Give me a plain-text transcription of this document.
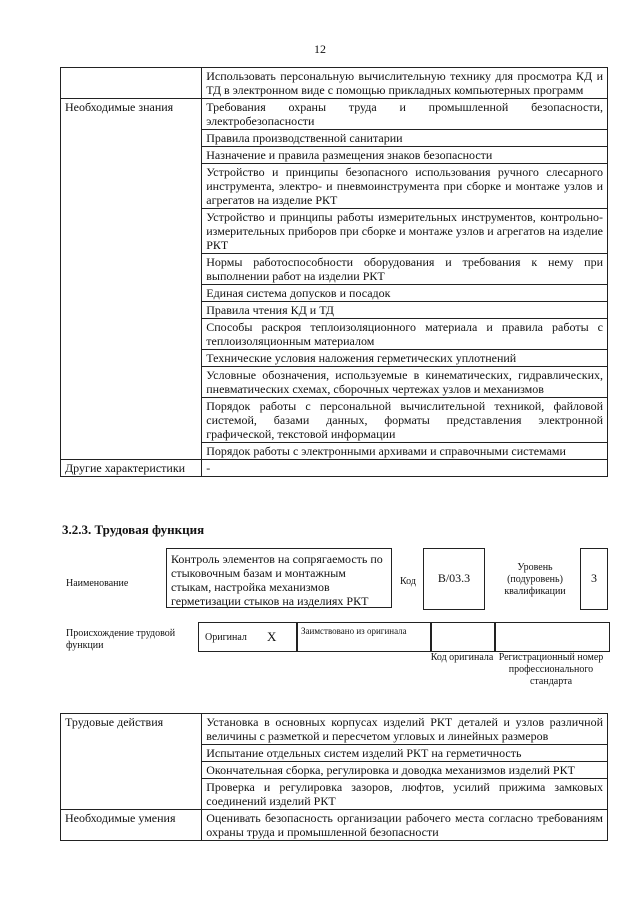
12
	Использовать персональную вычислительную технику для просмотра КД и ТД в электронном виде с помощью прикладных компьютерных программ
Необходимые знания	Требования охраны труда и промышленной безопасности, электробезопасности
	Правила производственной санитарии
	Назначение и правила размещения знаков безопасности
	Устройство и принципы безопасного использования ручного слесарного инструмента, электро- и пневмоинструмента при сборке и монтаже узлов и агрегатов на изделие РКТ
	Устройство и принципы работы измерительных инструментов, контрольно-измерительных приборов при сборке и монтаже узлов и агрегатов на изделие РКТ
	Нормы работоспособности оборудования и требования к нему при выполнении работ на изделии РКТ
	Единая система допусков и посадок
	Правила чтения КД и ТД
	Способы раскроя теплоизоляционного материала и правила работы с теплоизоляционным материалом
	Технические условия наложения герметических уплотнений
	Условные обозначения, используемые в кинематических, гидравлических, пневматических схемах, сборочных чертежах узлов и механизмов
	Порядок работы с персональной вычислительной техникой, файловой системой, базами данных, форматы представления электронной графической, текстовой информации
	Порядок работы с электронными архивами и справочными системами
Другие характеристики	-
3.2.3. Трудовая функция
Наименование
Контроль элементов на сопрягаемость по стыковочным базам и монтажным стыкам, настройка механизмов герметизации стыков на изделиях РКТ
Код	B/03.3
Уровень (подуровень) квалификации
3
Происхождение трудовой функции
Оригинал X	Заимствовано из оригинала
Код оригинала Регистрационный номер профессионального стандарта
Трудовые действия	Установка в основных корпусах изделий РКТ деталей и узлов различной величины с разметкой и пересчетом угловых и линейных размеров
	Испытание отдельных систем изделий РКТ на герметичность
	Окончательная сборка, регулировка и доводка механизмов изделий РКТ
	Проверка и регулировка зазоров, люфтов, усилий прижима замковых соединений изделий РКТ
Необходимые умения	Оценивать безопасность организации рабочего места согласно требованиям охраны труда и промышленной безопасности
